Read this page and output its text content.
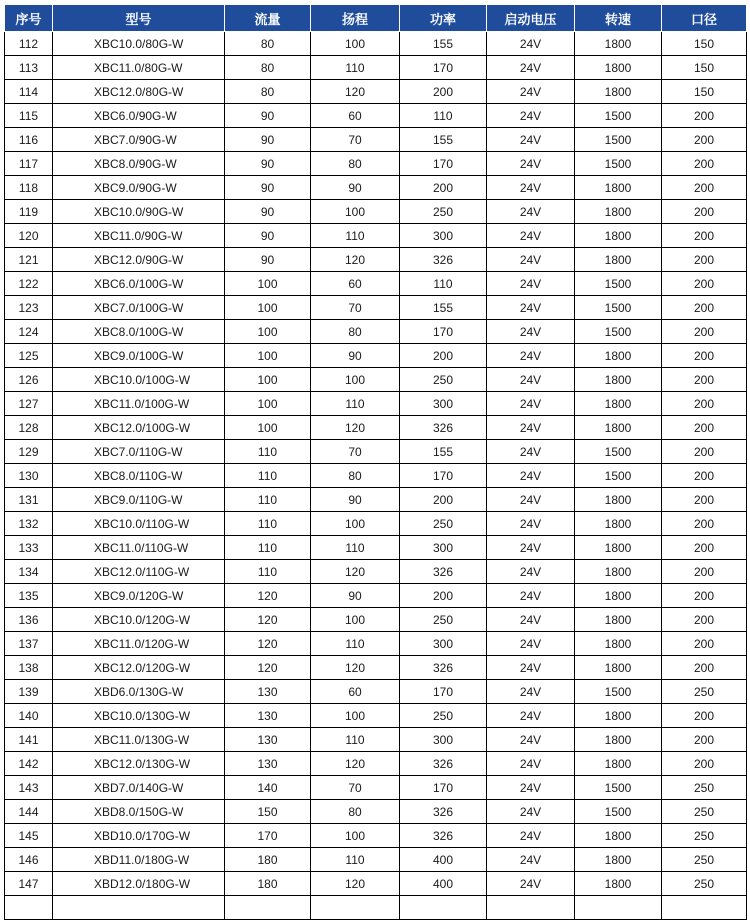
序号	型号	流量	扬程	功率	启动电压	转速	口径
112	XBC10.0/80G-W	80	100	155	24V	1800	150
113	XBC11.0/80G-W	80	110	170	24V	1800	150
114	XBC12.0/80G-W	80	120	200	24V	1800	150
115	XBC6.0/90G-W	90	60	110	24V	1500	200
116	XBC7.0/90G-W	90	70	155	24V	1500	200
117	XBC8.0/90G-W	90	80	170	24V	1500	200
118	XBC9.0/90G-W	90	90	200	24V	1800	200
119	XBC10.0/90G-W	90	100	250	24V	1800	200
120	XBC11.0/90G-W	90	110	300	24V	1800	200
121	XBC12.0/90G-W	90	120	326	24V	1800	200
122	XBC6.0/100G-W	100	60	110	24V	1500	200
123	XBC7.0/100G-W	100	70	155	24V	1500	200
124	XBC8.0/100G-W	100	80	170	24V	1500	200
125	XBC9.0/100G-W	100	90	200	24V	1800	200
126	XBC10.0/100G-W	100	100	250	24V	1800	200
127	XBC11.0/100G-W	100	110	300	24V	1800	200
128	XBC12.0/100G-W	100	120	326	24V	1800	200
129	XBC7.0/110G-W	110	70	155	24V	1500	200
130	XBC8.0/110G-W	110	80	170	24V	1500	200
131	XBC9.0/110G-W	110	90	200	24V	1800	200
132	XBC10.0/110G-W	110	100	250	24V	1800	200
133	XBC11.0/110G-W	110	110	300	24V	1800	200
134	XBC12.0/110G-W	110	120	326	24V	1800	200
135	XBC9.0/120G-W	120	90	200	24V	1800	200
136	XBC10.0/120G-W	120	100	250	24V	1800	200
137	XBC11.0/120G-W	120	110	300	24V	1800	200
138	XBC12.0/120G-W	120	120	326	24V	1800	200
139	XBD6.0/130G-W	130	60	170	24V	1500	250
140	XBC10.0/130G-W	130	100	250	24V	1800	200
141	XBC11.0/130G-W	130	110	300	24V	1800	200
142	XBC12.0/130G-W	130	120	326	24V	1800	200
143	XBD7.0/140G-W	140	70	170	24V	1500	250
144	XBD8.0/150G-W	150	80	326	24V	1500	250
145	XBD10.0/170G-W	170	100	326	24V	1800	250
146	XBD11.0/180G-W	180	110	400	24V	1800	250
147	XBD12.0/180G-W	180	120	400	24V	1800	250
